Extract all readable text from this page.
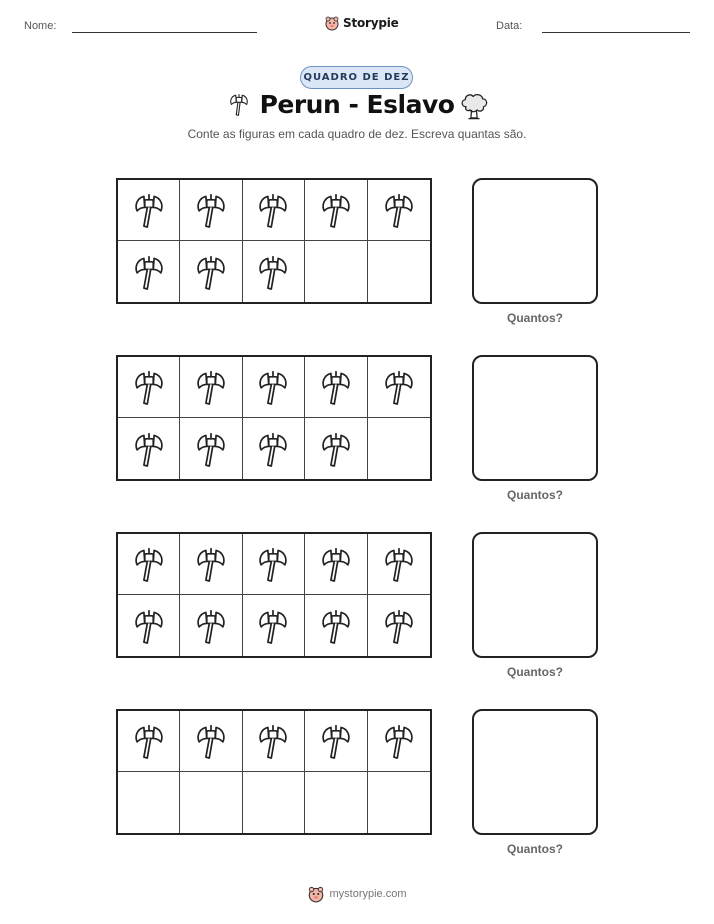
Nome:	Storypie	Data:
QUADRO DE DEZ
Perun - Eslavo
Conte as figuras em cada quadro de dez. Escreva quantas são.
Quantos?
Quantos?
Quantos?
Quantos?
mystorypie.com
